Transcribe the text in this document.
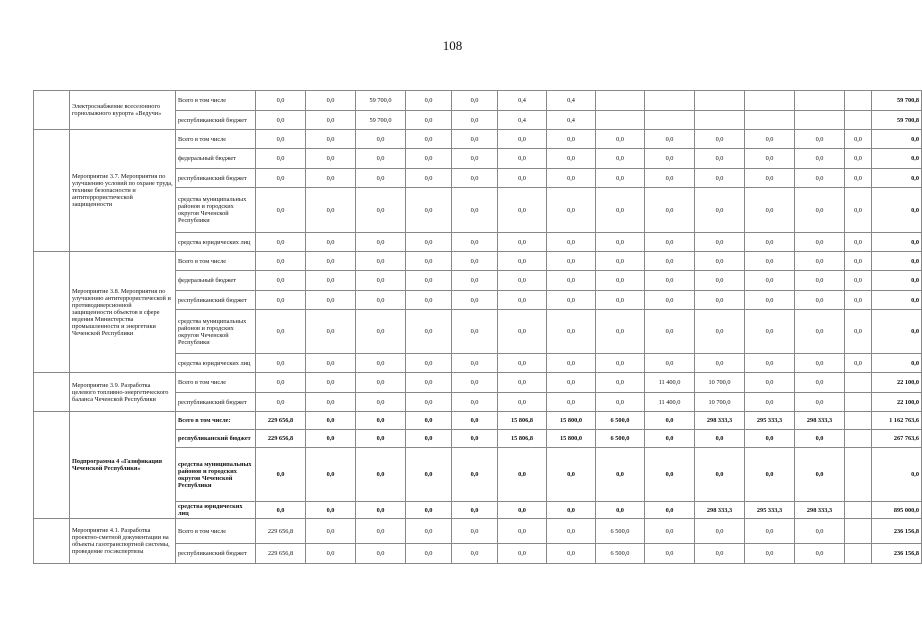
108
	Электроснабжение всесезонного горнолыжного курорта «Ведучи»	Всего в том числе	0,0	0,0	59 700,0	0,0	0,0	0,4	0,4							59 700,8
		республиканский бюджет	0,0	0,0	59 700,0	0,0	0,0	0,4	0,4							59 700,8
	Мероприятие 3.7. Мероприятия по улучшению условий по охране труда, технике безопасности и антитеррористической защищенности	Всего в том числе	0,0	0,0	0,0	0,0	0,0	0,0	0,0	0,0	0,0	0,0	0,0	0,0	0,0	0,0
		федеральный бюджет	0,0	0,0	0,0	0,0	0,0	0,0	0,0	0,0	0,0	0,0	0,0	0,0	0,0	0,0
		республиканский бюджет	0,0	0,0	0,0	0,0	0,0	0,0	0,0	0,0	0,0	0,0	0,0	0,0	0,0	0,0
		средства муниципальных районов и городских округов Чеченской Республики	0,0	0,0	0,0	0,0	0,0	0,0	0,0	0,0	0,0	0,0	0,0	0,0	0,0	0,0
		средства юридических лиц	0,0	0,0	0,0	0,0	0,0	0,0	0,0	0,0	0,0	0,0	0,0	0,0	0,0	0,0
	Мероприятие 3.8. Мероприятия по улучшению антитеррористической и противодиверсионной защищенности объектов в сфере ведения Министерства промышленности и энергетики Чеченской Республики	Всего в том числе	0,0	0,0	0,0	0,0	0,0	0,0	0,0	0,0	0,0	0,0	0,0	0,0	0,0	0,0
		федеральный бюджет	0,0	0,0	0,0	0,0	0,0	0,0	0,0	0,0	0,0	0,0	0,0	0,0	0,0	0,0
		республиканский бюджет	0,0	0,0	0,0	0,0	0,0	0,0	0,0	0,0	0,0	0,0	0,0	0,0	0,0	0,0
		средства муниципальных районов и городских округов Чеченской Республики	0,0	0,0	0,0	0,0	0,0	0,0	0,0	0,0	0,0	0,0	0,0	0,0	0,0	0,0
		средства юридических лиц	0,0	0,0	0,0	0,0	0,0	0,0	0,0	0,0	0,0	0,0	0,0	0,0	0,0	0,0
	Мероприятие 3.9. Разработка целевого топливно-энергетического баланса Чеченской Республики	Всего в том числе	0,0	0,0	0,0	0,0	0,0	0,0	0,0	0,0	11 400,0	10 700,0	0,0	0,0		22 100,0
		республиканский бюджет	0,0	0,0	0,0	0,0	0,0	0,0	0,0	0,0	11 400,0	10 700,0	0,0	0,0		22 100,0
	Подпрограмма 4 «Газификация Чеченской Республики»	Всего в том числе:	229 656,8	0,0	0,0	0,0	0,0	15 806,8	15 800,0	6 500,0	0,0	298 333,3	295 333,3	298 333,3		1 162 763,6
		республиканский бюджет	229 656,8	0,0	0,0	0,0	0,0	15 806,8	15 800,0	6 500,0	0,0	0,0	0,0	0,0		267 763,6
		средства муниципальных районов и городских округов Чеченской Республики	0,0	0,0	0,0	0,0	0,0	0,0	0,0	0,0	0,0	0,0	0,0	0,0		0,0
		средства юридических лиц	0,0	0,0	0,0	0,0	0,0	0,0	0,0	0,0	0,0	298 333,3	295 333,3	298 333,3		895 000,0
	Мероприятие 4.1. Разработка проектно-сметной документации на объекты газотранспортной системы, проведение госэкспертизы	Всего в том числе	229 656,8	0,0	0,0	0,0	0,0	0,0	0,0	6 500,0	0,0	0,0	0,0	0,0		236 156,8
		республиканский бюджет	229 656,8	0,0	0,0	0,0	0,0	0,0	0,0	6 500,0	0,0	0,0	0,0	0,0		236 156,8
